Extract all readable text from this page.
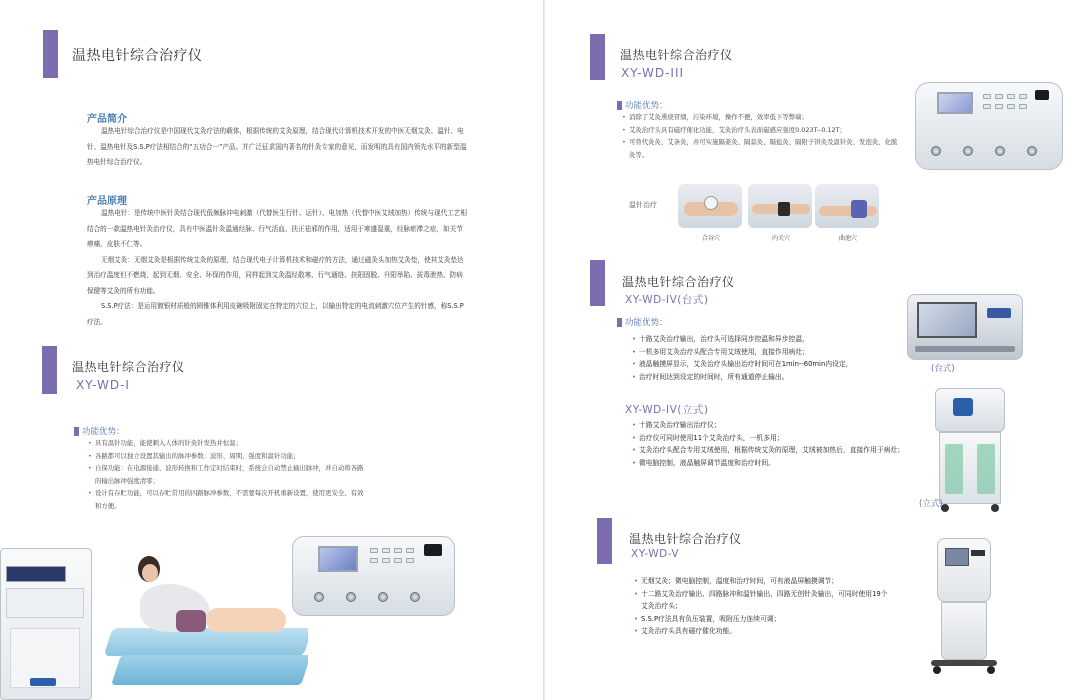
温热电针综合治疗仪
产品简介

温热电针综合治疗仪是中国现代艾灸疗法的载体，根据传统的艾灸原理，结合现代计算机技术开发的中医无烟艾灸、温针、电针、温热电针及S.S.P疗法相结合的“五功合一”产品。并广泛征求国内著名的针灸专家的意见，而发明的具有国内领先水平的新型温热电针综合治疗仪。

产品原理

温热电针：是传统中医针灸结合现代低频脉冲电刺激（代替医生行针、运针）、电加热（代替中医艾绒加热）传统与现代工艺相结合的一款温热电针灸治疗仪，具有中医温针灸温通经脉、行气活血、扶正祛邪的作用，适用于寒盛湿重，经脉瘀滞之症，如关节痹痛，皮肤不仁等。

无烟艾灸：无烟艾灸是根据传统艾灸的原理，结合现代电子计算机技术和磁疗的方法，通过磁灸头加热艾灸垫，使其艾灸垫达到治疗温度但不燃烧，起到无烟、安全、环保的作用，同样起到艾灸温经散寒、行气通络、扶阳固脱、升阳举陷、拔毒泄热、防病保健等艾灸的所有功能。

S.S.P疗法：是运用镀银材质般的圆锥体利用皮碗吸附固定在特定的穴位上，以输出特定的电流刺激穴位产生的针感，称S.S.P疗法。

温热电针综合治疗仪
XY-WD-I
功能优势：
• 具有温针功能，能使刺入人体的针灸针发热并恒温；
• 各路都可以独立设置其输出的脉冲参数：波形、周期、强度和温针功能；
• 自保功能：在电源接通、波形转换和工作定时结束时，系统会自动禁止输出脉冲，并自动将各路的输出脉冲强度清零；
• 设计有存贮功能，可以存贮常用的四路脉冲参数，不需要每次开机重新设置，使用更安全、有效和方便。
温热电针综合治疗仪
XY-WD-III
功能优势：
• 消除了艾灸熏烧冒烟，污染环境，操作不便，效率低下等弊端；
• 艾灸治疗头具有磁疗催化功能，艾灸治疗头表面磁感应强度0.023T--0.12T；
• 可替代灸灸、艾条灸，并可实施隔姜灸、隔蒜灸、隔盐灸、隔附子饼灸及温针灸、发泡灸、化脓灸等。
温针治疗
合谷穴	内关穴	曲池穴
温热电针综合治疗仪
XY-WD-IV(台式)
功能优势：
• 十路艾灸治疗输出，治疗头可选择同步控温和异步控温，
• 一机多用艾灸治疗头配合专用艾绒使用，直接作用病灶；
• 液晶触摸屏显示，艾灸治疗头输出治疗时间可在1min--60min内设定，
• 治疗时间达到设定的时间时，所有通道停止输出。
(台式)
XY-WD-IV(立式)
• 十路艾灸治疗输出治疗仪；
• 治疗仪可同时使用11个艾灸治疗头，一机多用；
• 艾灸治疗头配合专用艾绒使用，根据传统艾灸的原理，艾绒被加热后，直接作用于病灶；
• 微电脑控制，液晶触屏调节温度和治疗时间。
(立式)
温热电针综合治疗仪
XY-WD-V
• 无烟艾灸；微电脑控制，温度和治疗时间，可有液晶屏触摸调节；
• 十二路艾灸治疗输出、四路脉冲和温针输出、四路无创针灸输出，可同时使用19个艾灸治疗头；
• S.S.P疗法具有负压装置，吸附压力连续可调；
• 艾灸治疗头具有磁疗催化功能。
